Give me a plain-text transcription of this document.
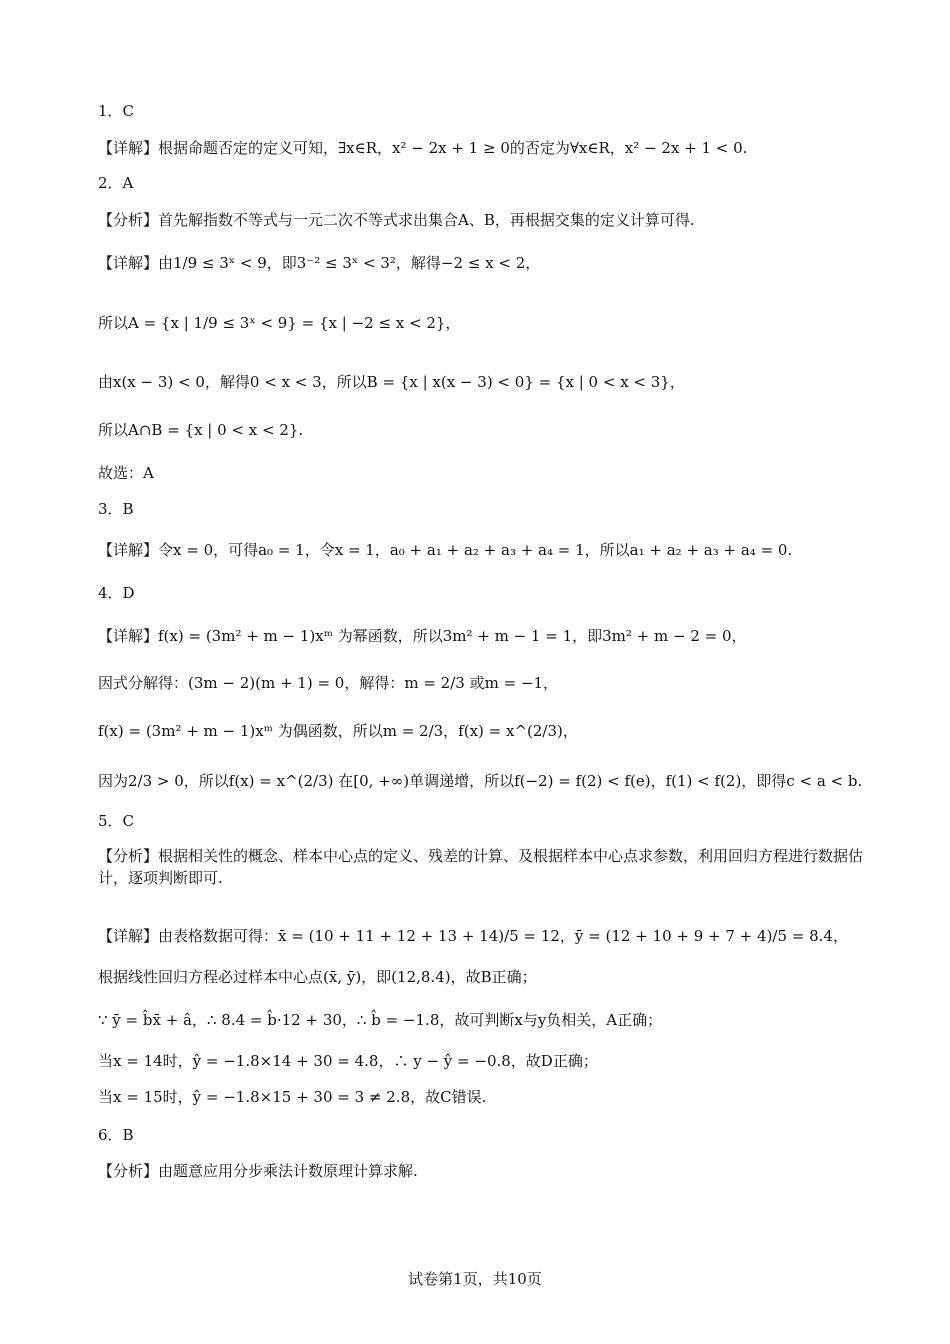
1．C
【详解】根据命题否定的定义可知，∃x∈R，x² − 2x + 1 ≥ 0的否定为∀x∈R，x² − 2x + 1 < 0.
2．A
【分析】首先解指数不等式与一元二次不等式求出集合A、B，再根据交集的定义计算可得.
【详解】由1/9 ≤ 3ˣ < 9，即3⁻² ≤ 3ˣ < 3²，解得−2 ≤ x < 2，
所以A = {x | 1/9 ≤ 3ˣ < 9} = {x | −2 ≤ x < 2}，
由x(x − 3) < 0，解得0 < x < 3，所以B = {x | x(x − 3) < 0} = {x | 0 < x < 3}，
所以A∩B = {x | 0 < x < 2}.
故选：A
3．B
【详解】令x = 0，可得a₀ = 1，令x = 1，a₀ + a₁ + a₂ + a₃ + a₄ = 1，所以a₁ + a₂ + a₃ + a₄ = 0.
4．D
【详解】f(x) = (3m² + m − 1)xᵐ 为幂函数，所以3m² + m − 1 = 1，即3m² + m − 2 = 0，
因式分解得：(3m − 2)(m + 1) = 0，解得：m = 2/3 或m = −1，
f(x) = (3m² + m − 1)xᵐ 为偶函数，所以m = 2/3，f(x) = x^(2/3)，
因为2/3 > 0，所以f(x) = x^(2/3) 在[0, +∞)单调递增，所以f(−2) = f(2) < f(e)，f(1) < f(2)，即得c < a < b.
5．C
【分析】根据相关性的概念、样本中心点的定义、残差的计算、及根据样本中心点求参数，利用回归方程进行数据估计，逐项判断即可.
【详解】由表格数据可得：x̄ = (10 + 11 + 12 + 13 + 14)/5 = 12，ȳ = (12 + 10 + 9 + 7 + 4)/5 = 8.4，
根据线性回归方程必过样本中心点(x̄, ȳ)，即(12,8.4)，故B正确；
∵ ȳ = b̂x̄ + â，∴ 8.4 = b̂·12 + 30，∴ b̂ = −1.8，故可判断x与y负相关，A正确；
当x = 14时，ŷ = −1.8×14 + 30 = 4.8，∴ y − ŷ = −0.8，故D正确；
当x = 15时，ŷ = −1.8×15 + 30 = 3 ≠ 2.8，故C错误.
6．B
【分析】由题意应用分步乘法计数原理计算求解.
试卷第1页，共10页
